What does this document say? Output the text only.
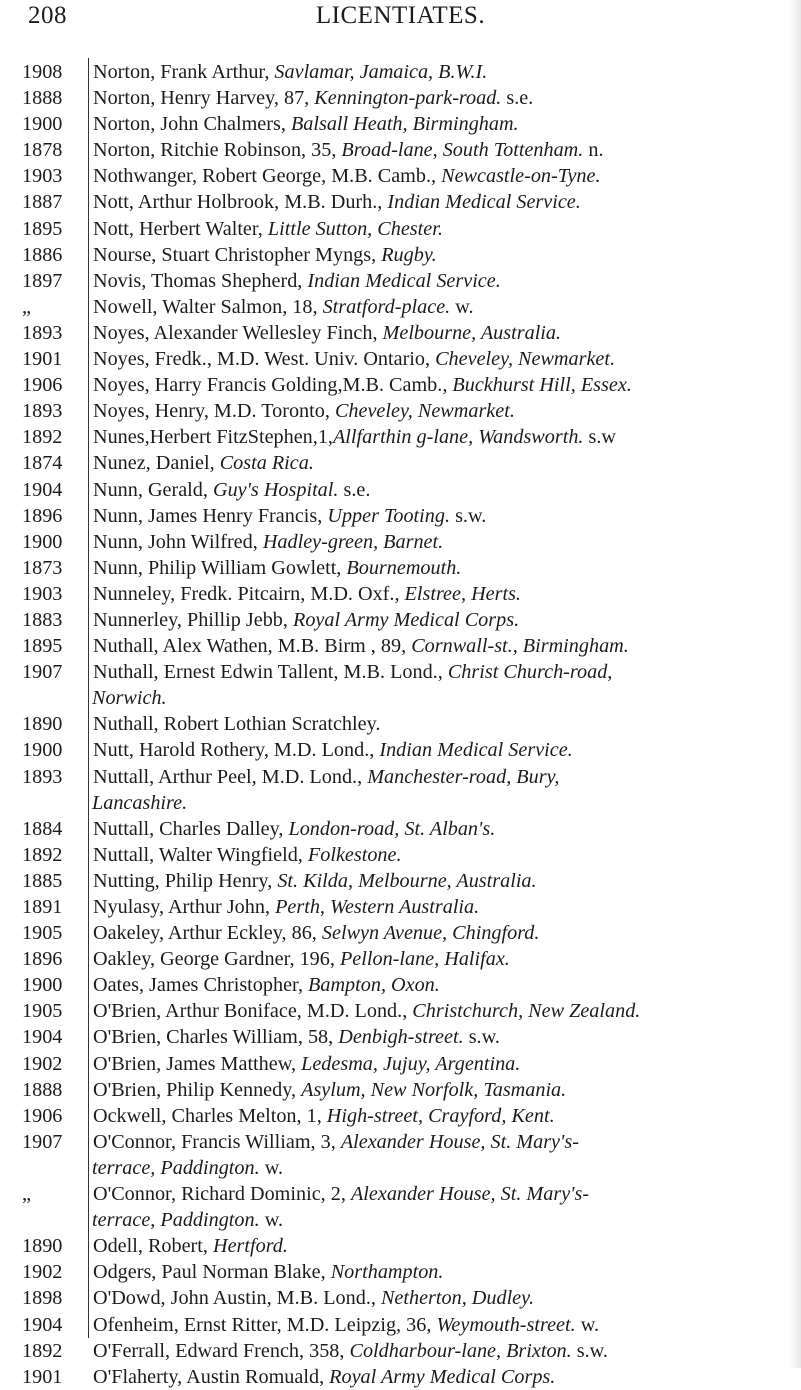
208	LICENTIATES.
1908	Norton, Frank Arthur, Savlamar, Jamaica, B.W.I.
1888	Norton, Henry Harvey, 87, Kennington-park-road. s.e.
1900	Norton, John Chalmers, Balsall Heath, Birmingham.
1878	Norton, Ritchie Robinson, 35, Broad-lane, South Tottenham. n.
1903	Nothwanger, Robert George, M.B. Camb., Newcastle-on-Tyne.
1887	Nott, Arthur Holbrook, M.B. Durh., Indian Medical Service.
1895	Nott, Herbert Walter, Little Sutton, Chester.
1886	Nourse, Stuart Christopher Myngs, Rugby.
1897	Novis, Thomas Shepherd, Indian Medical Service.
„	Nowell, Walter Salmon, 18, Stratford-place. w.
1893	Noyes, Alexander Wellesley Finch, Melbourne, Australia.
1901	Noyes, Fredk., M.D. West. Univ. Ontario, Cheveley, Newmarket.
1906	Noyes, Harry Francis Golding,M.B. Camb., Buckhurst Hill, Essex.
1893	Noyes, Henry, M.D. Toronto, Cheveley, Newmarket.
1892	Nunes,Herbert FitzStephen,1,Allfarthin g-lane, Wandsworth. s.w
1874	Nunez, Daniel, Costa Rica.
1904	Nunn, Gerald, Guy's Hospital. s.e.
1896	Nunn, James Henry Francis, Upper Tooting. s.w.
1900	Nunn, John Wilfred, Hadley-green, Barnet.
1873	Nunn, Philip William Gowlett, Bournemouth.
1903	Nunneley, Fredk. Pitcairn, M.D. Oxf., Elstree, Herts.
1883	Nunnerley, Phillip Jebb, Royal Army Medical Corps.
1895	Nuthall, Alex Wathen, M.B. Birm , 89, Cornwall-st., Birmingham.
1907	Nuthall, Ernest Edwin Tallent, M.B. Lond., Christ Church-road,
Norwich.
1890	Nuthall, Robert Lothian Scratchley.
1900	Nutt, Harold Rothery, M.D. Lond., Indian Medical Service.
1893	Nuttall, Arthur Peel, M.D. Lond., Manchester-road, Bury,
Lancashire.
1884	Nuttall, Charles Dalley, London-road, St. Alban's.
1892	Nuttall, Walter Wingfield, Folkestone.
1885	Nutting, Philip Henry, St. Kilda, Melbourne, Australia.
1891	Nyulasy, Arthur John, Perth, Western Australia.
1905	Oakeley, Arthur Eckley, 86, Selwyn Avenue, Chingford.
1896	Oakley, George Gardner, 196, Pellon-lane, Halifax.
1900	Oates, James Christopher, Bampton, Oxon.
1905	O'Brien, Arthur Boniface, M.D. Lond., Christchurch, New Zealand.
1904	O'Brien, Charles William, 58, Denbigh-street. s.w.
1902	O'Brien, James Matthew, Ledesma, Jujuy, Argentina.
1888	O'Brien, Philip Kennedy, Asylum, New Norfolk, Tasmania.
1906	Ockwell, Charles Melton, 1, High-street, Crayford, Kent.
1907	O'Connor, Francis William, 3, Alexander House, St. Mary's-
terrace, Paddington. w.
„	O'Connor, Richard Dominic, 2, Alexander House, St. Mary's-
terrace, Paddington. w.
1890	Odell, Robert, Hertford.
1902	Odgers, Paul Norman Blake, Northampton.
1898	O'Dowd, John Austin, M.B. Lond., Netherton, Dudley.
1904	Ofenheim, Ernst Ritter, M.D. Leipzig, 36, Weymouth-street. w.
1892	O'Ferrall, Edward French, 358, Coldharbour-lane, Brixton. s.w.
1901	O'Flaherty, Austin Romuald, Royal Army Medical Corps.
